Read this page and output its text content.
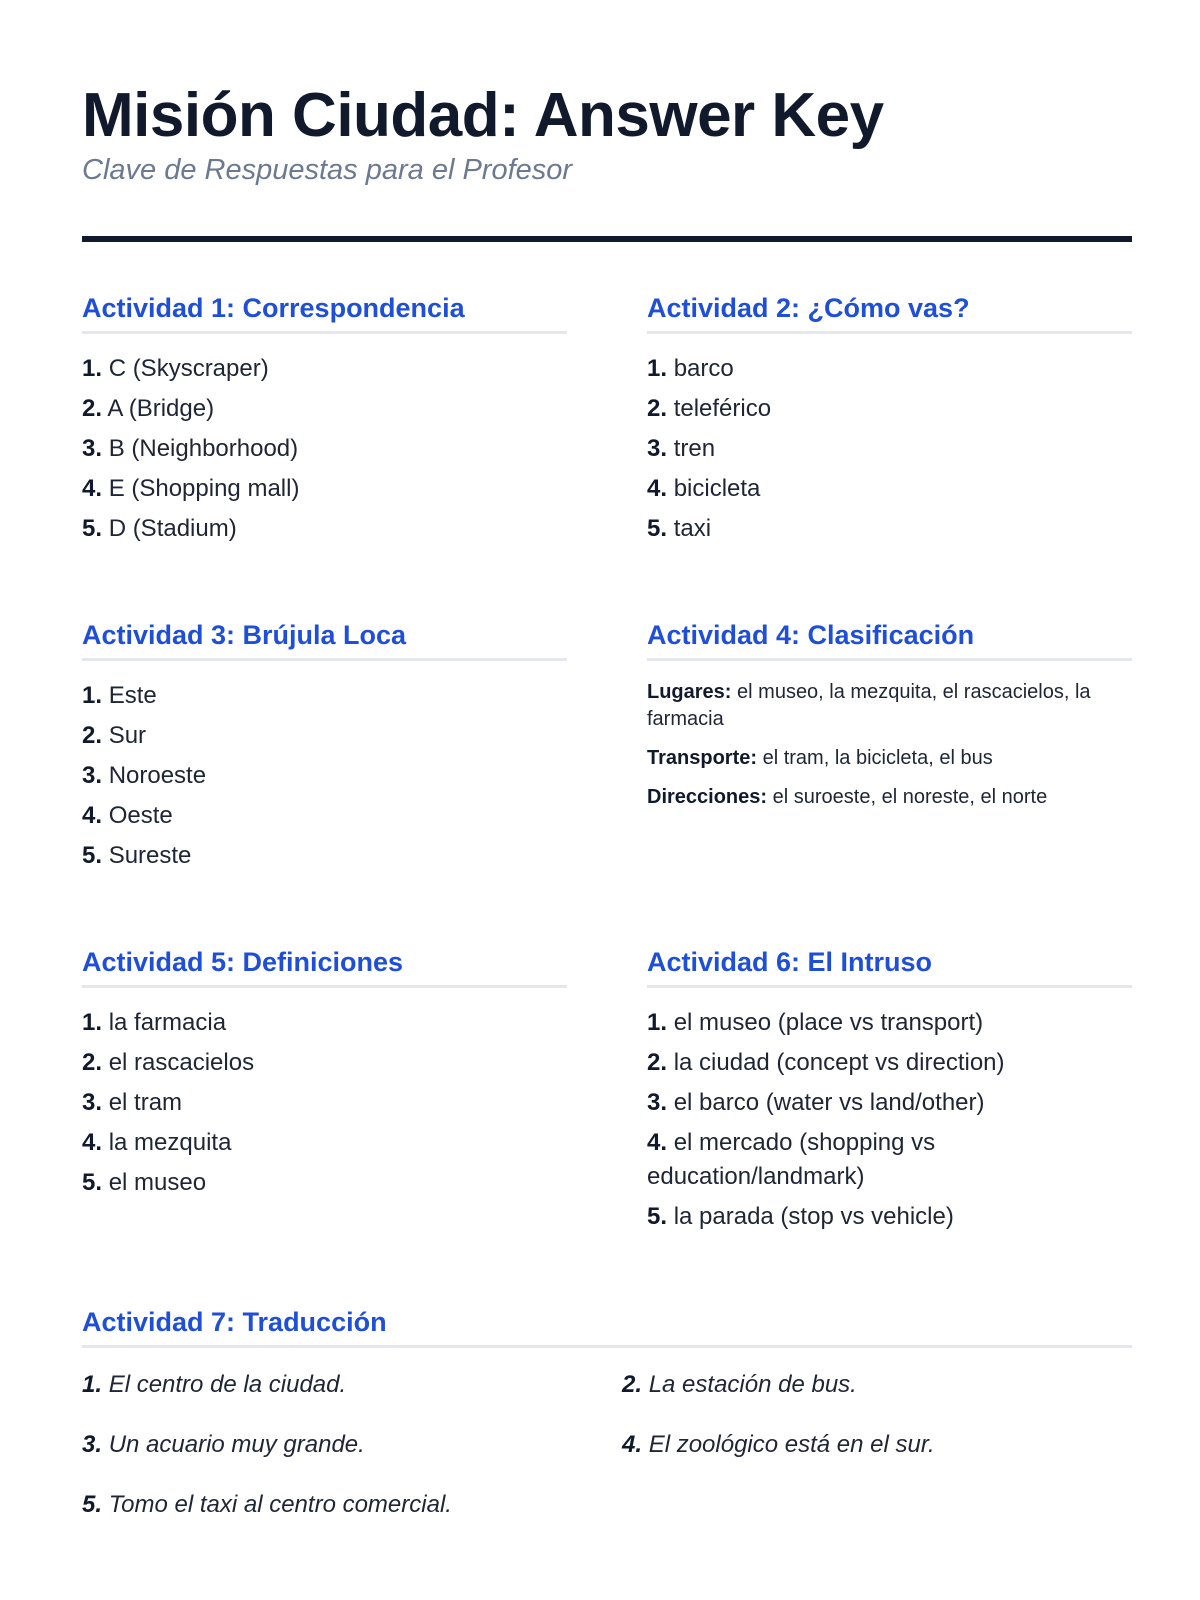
Misión Ciudad: Answer Key

Clave de Respuestas para el Profesor

Actividad 1: Correspondencia
1. C (Skyscraper)
2. A (Bridge)
3. B (Neighborhood)
4. E (Shopping mall)
5. D (Stadium)
Actividad 2: ¿Cómo vas?
1. barco
2. teleférico
3. tren
4. bicicleta
5. taxi
Actividad 3: Brújula Loca
1. Este
2. Sur
3. Noroeste
4. Oeste
5. Sureste
Actividad 4: Clasificación

Lugares: el museo, la mezquita, el rascacielos, la farmacia

Transporte: el tram, la bicicleta, el bus

Direcciones: el suroeste, el noreste, el norte

Actividad 5: Definiciones
1. la farmacia
2. el rascacielos
3. el tram
4. la mezquita
5. el museo
Actividad 6: El Intruso
1. el museo (place vs transport)
2. la ciudad (concept vs direction)
3. el barco (water vs land/other)
4. el mercado (shopping vs education/landmark)
5. la parada (stop vs vehicle)
Actividad 7: Traducción
1. El centro de la ciudad.	2. La estación de bus.
3. Un acuario muy grande.	4. El zoológico está en el sur.
5. Tomo el taxi al centro comercial.
